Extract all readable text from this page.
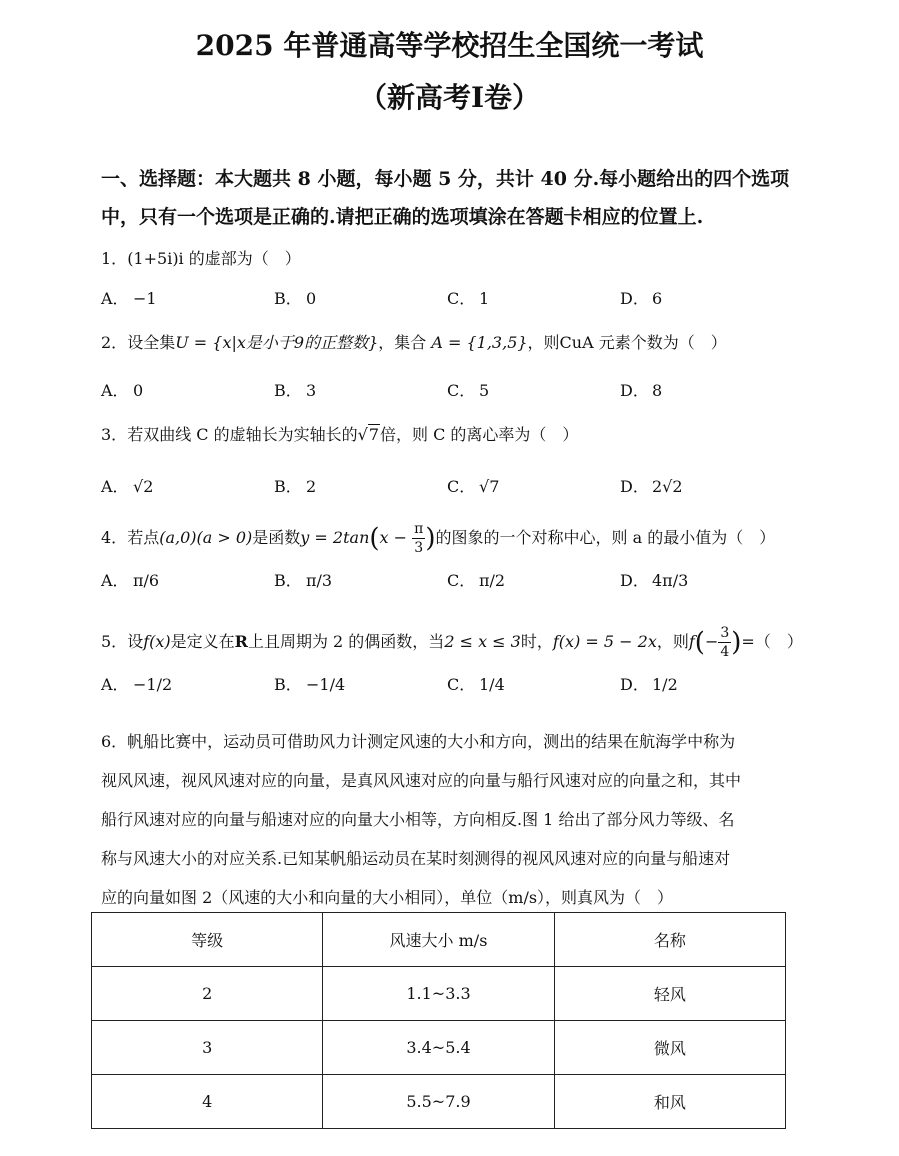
2025 年普通高等学校招生全国统一考试
（新高考Ⅰ卷）
一、选择题：本大题共 8 小题，每小题 5 分，共计 40 分.每小题给出的四个选项
中，只有一个选项是正确的.请把正确的选项填涂在答题卡相应的位置上.
1．(1+5i)i 的虚部为（　）
A． −1	B． 0	C． 1	D． 6
2．设全集U = {x|x是小于9的正整数}，集合 A = {1,3,5}，则CuA 元素个数为（　）
A． 0	B． 3	C． 5	D． 8
3．若双曲线 C 的虚轴长为实轴长的√7倍，则 C 的离心率为（　）
A． √2	B． 2	C． √7	D． 2√2
4．若点(a,0)(a > 0)是函数$y = 2\tan(x - \frac{\pi}{3}$ )的图象的一个对称中心，则 a 的最小值为（　）
A． π/6	B． π/3	C． π/2	D． 4π/3
5．设f(x)是定义在R上且周期为 2 的偶函数，当2 ≤ x ≤ 3时，f(x) = 5 − 2x，则$f(- \frac{3}{4}$ )=（　）
A． −1/2	B． −1/4	C． 1/4	D． 1/2
6．帆船比赛中，运动员可借助风力计测定风速的大小和方向，测出的结果在航海学中称为
视风风速，视风风速对应的向量，是真风风速对应的向量与船行风速对应的向量之和，其中
船行风速对应的向量与船速对应的向量大小相等，方向相反.图 1 给出了部分风力等级、名
称与风速大小的对应关系.已知某帆船运动员在某时刻测得的视风风速对应的向量与船速对
应的向量如图 2（风速的大小和向量的大小相同），单位（m/s），则真风为（　）
等级	风速大小 m/s	名称
2	1.1~3.3	轻风
3	3.4~5.4	微风
4	5.5~7.9	和风
